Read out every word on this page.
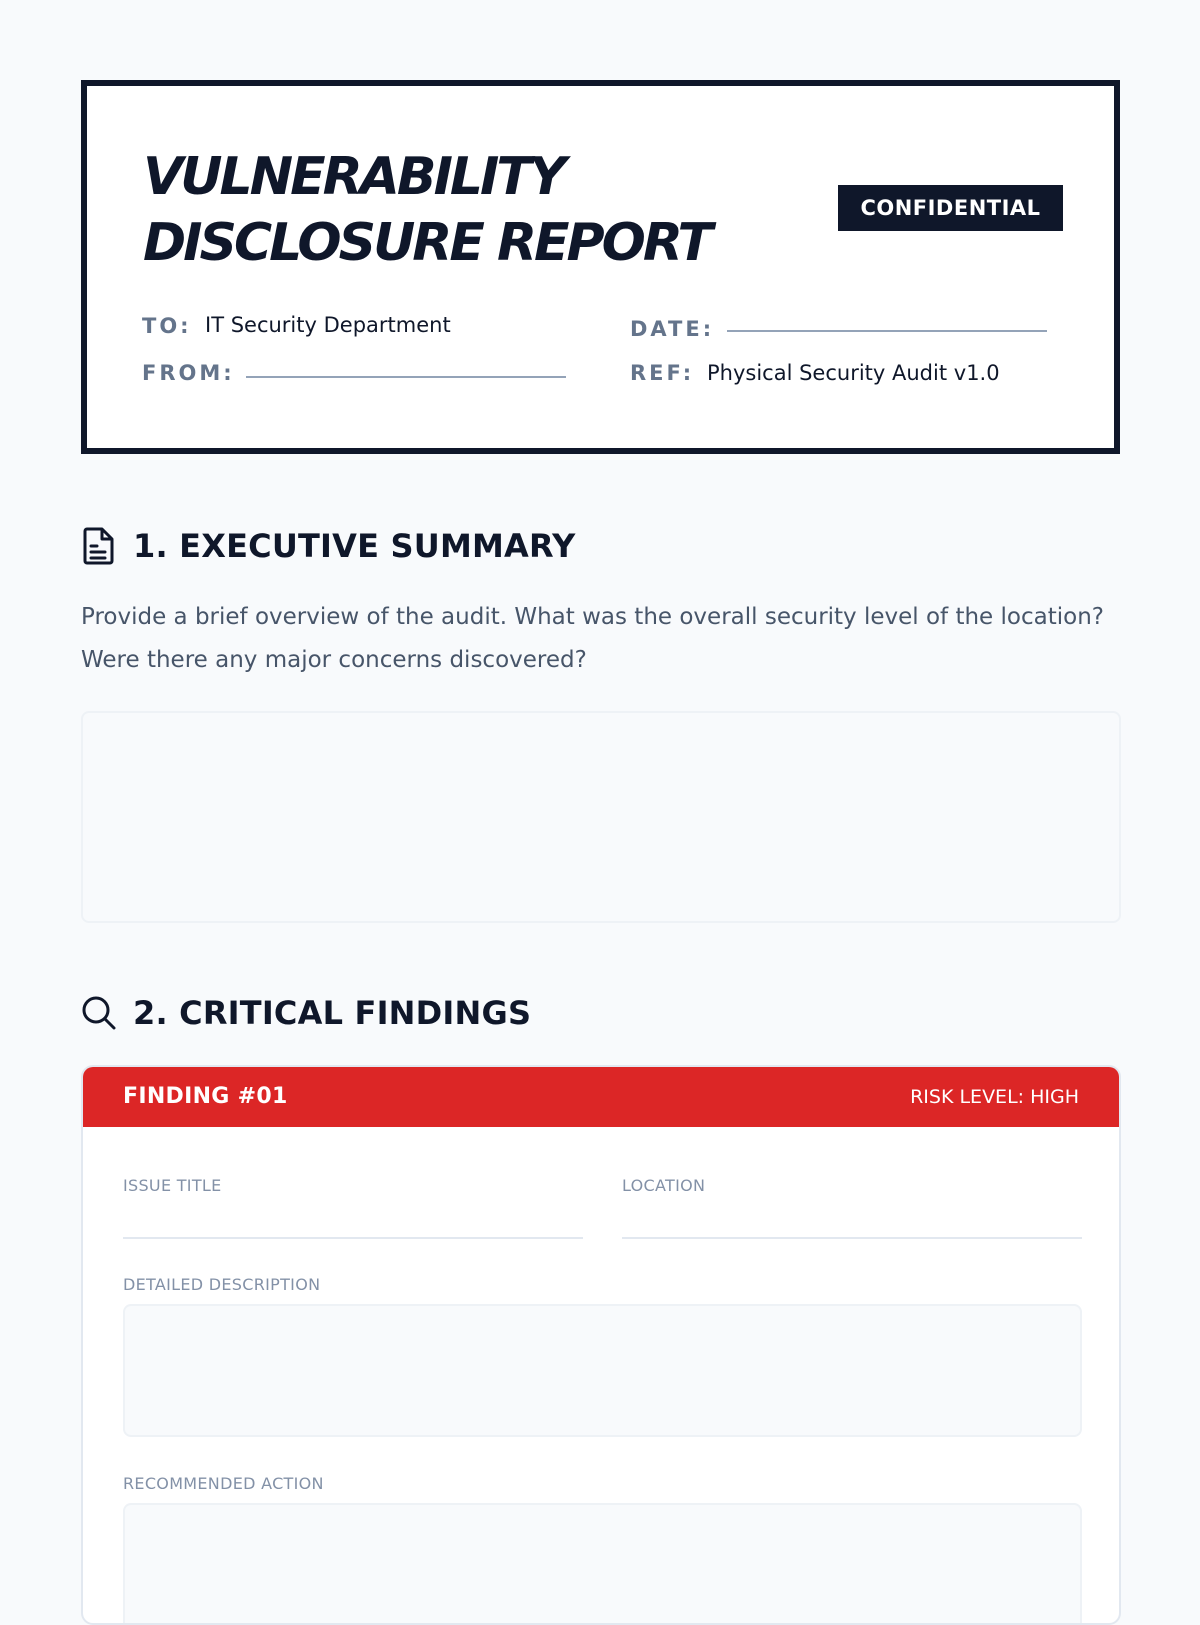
VULNERABILITY
DISCLOSURE REPORT
CONFIDENTIAL
TO: IT Security Department
FROM:
DATE:
REF: Physical Security Audit v1.0
1. EXECUTIVE SUMMARY

Provide a brief overview of the audit. What was the overall security level of the location? Were there any major concerns discovered?

2. CRITICAL FINDINGS
FINDING #01	RISK LEVEL: HIGH
ISSUE TITLE	LOCATION
DETAILED DESCRIPTION
RECOMMENDED ACTION
